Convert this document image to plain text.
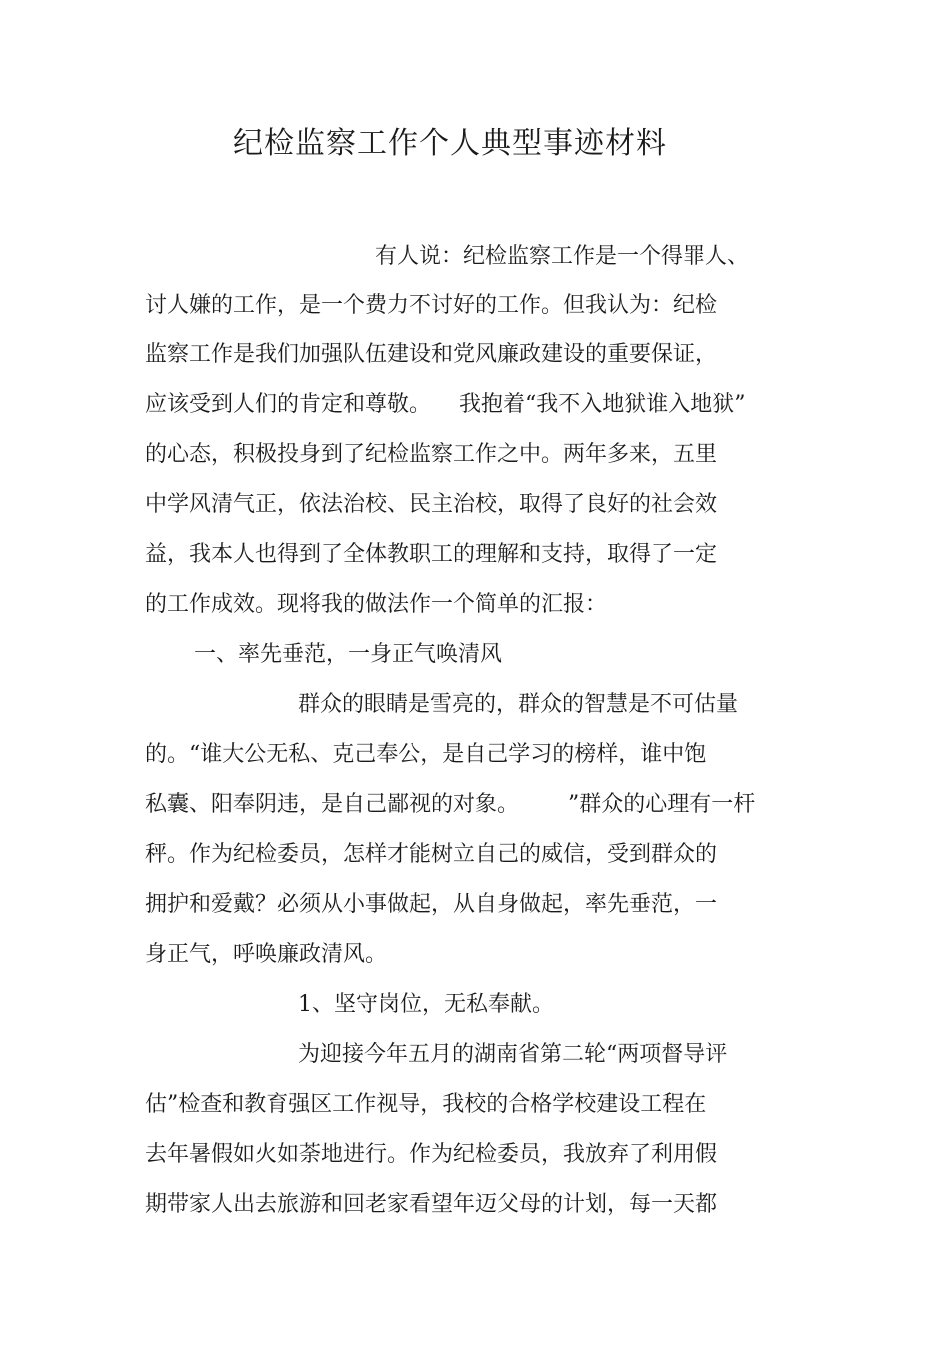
纪检监察工作个人典型事迹材料
有人说：纪检监察工作是一个得罪人、
讨人嫌的工作，是一个费力不讨好的工作。但我认为：纪检
监察工作是我们加强队伍建设和党风廉政建设的重要保证，
应该受到人们的肯定和尊敬。    我抱着“我不入地狱谁入地狱”
的心态，积极投身到了纪检监察工作之中。两年多来，五里
中学风清气正，依法治校、民主治校，取得了良好的社会效
益，我本人也得到了全体教职工的理解和支持，取得了一定
的工作成效。现将我的做法作一个简单的汇报：
一、率先垂范，一身正气唤清风
群众的眼睛是雪亮的，群众的智慧是不可估量
的。“谁大公无私、克己奉公，是自己学习的榜样，谁中饱
私囊、阳奉阴违，是自己鄙视的对象。       ”群众的心理有一杆
秤。作为纪检委员，怎样才能树立自己的威信，受到群众的
拥护和爱戴？必须从小事做起，从自身做起，率先垂范，一
身正气，呼唤廉政清风。
1、坚守岗位，无私奉献。
为迎接今年五月的湖南省第二轮“两项督导评
估”检查和教育强区工作视导，我校的合格学校建设工程在
去年暑假如火如荼地进行。作为纪检委员，我放弃了利用假
期带家人出去旅游和回老家看望年迈父母的计划，每一天都
